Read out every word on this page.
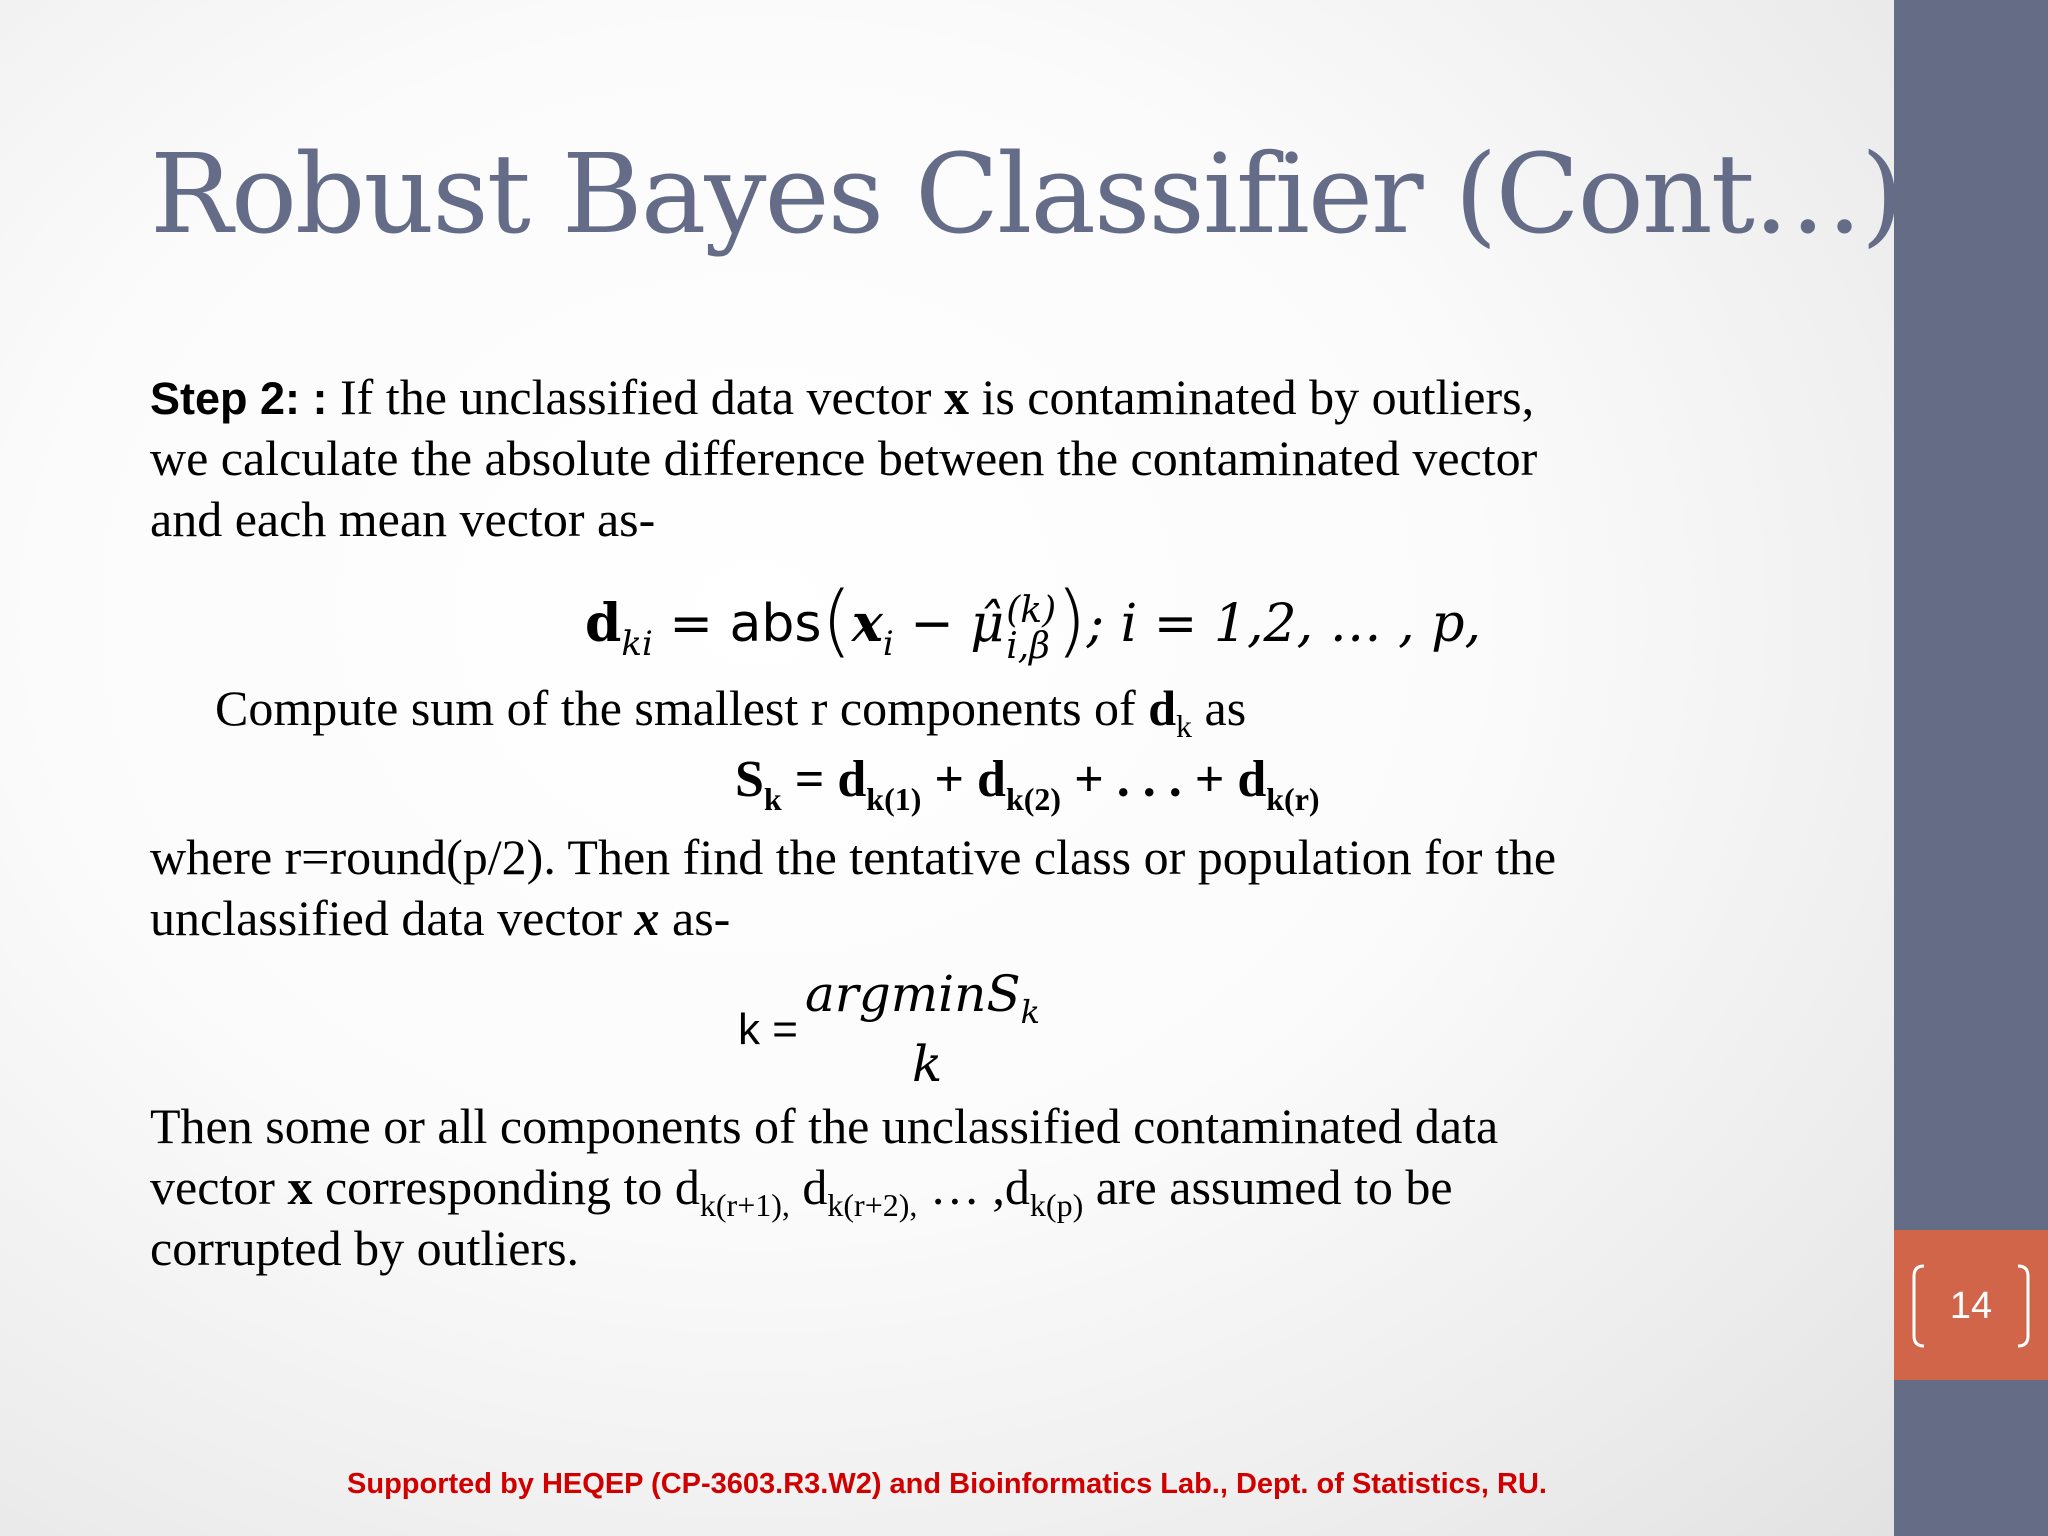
14
Robust Bayes Classifier (Cont…)
Step 2: : If the unclassified data vector x is contaminated by outliers,
we calculate the absolute difference between the contaminated vector
and each mean vector as-
$d_{ki} = abs(x_i$ − μ̂ (k)
i,β ); i = 1,2, … , p,
Compute sum of the smallest r components of $d_k$ as
$S_k = d_{k(1)} + d_{k(2)}$ + . . . + $d_{k(r)}$
where r=round(p/2). Then find the tentative class or population for the
unclassified data vector x as-
k =
argminS$_k$
k
Then some or all components of the unclassified contaminated data
vector x corresponding to $d_{k(r+1),}$ $d_{k(r+2),}$ … $,d_{k(p)}$ are assumed to be
corrupted by outliers.
Supported by HEQEP (CP-3603.R3.W2) and Bioinformatics Lab., Dept. of Statistics, RU.
